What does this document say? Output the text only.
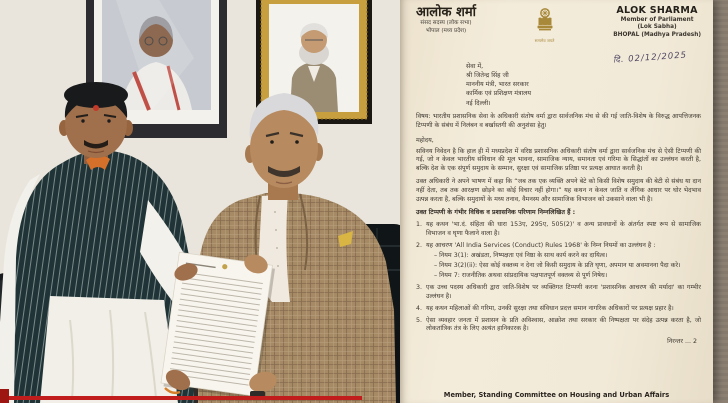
आलोक शर्मा
संसद सदस्य (लोक सभा)
भोपाल (मध्य प्रदेश)
सत्यमेव जयते
ALOK SHARMA
Member of Parliament
(Lok Sabha)
BHOPAL (Madhya Pradesh)
दि. 02/12/2025
सेवा में,
श्री जितेन्द्र सिंह जी
माननीय मंत्री, भारत सरकार
कार्मिक एवं प्रशिक्षण मंत्रालय
नई दिल्ली।
विषय: भारतीय प्रशासनिक सेवा के अधिकारी संतोष वर्मा द्वारा सार्वजनिक मंच से की गई जाति-विशेष के विरुद्ध आपत्तिजनक टिप्पणी के संबंध में निलंबन व बर्खास्तगी की अनुशंसा हेतु।
महोदय,
सविनय निवेदन है कि हाल ही में मध्यप्रदेश में वरिष्ठ प्रशासनिक अधिकारी संतोष वर्मा द्वारा सार्वजनिक मंच से ऐसी टिप्पणी की गई, जो न केवल भारतीय संविधान की मूल भावना, सामाजिक न्याय, समानता एवं गरिमा के सिद्धांतों का उल्लंघन करती है, बल्कि देश के एक संपूर्ण समुदाय के सम्मान, सुरक्षा एवं सामाजिक प्रतिष्ठा पर प्रत्यक्ष आघात करती है।
उक्त अधिकारी ने अपने भाषण में कहा कि “जब तक एक व्यक्ति अपने बेटे को किसी विशेष समुदाय की बेटी से संबंध या दान नहीं देता, तब तक आरक्षण छोड़ने का कोई विचार नहीं होगा।” यह कथन न केवल जाति व लैंगिक आधार पर घोर भेदभाव उत्पन्न करता है, बल्कि समुदायों के मध्य तनाव, वैमनस्य और सामाजिक विभाजन को उकसाने वाला भी है।
उक्त टिप्पणी के गंभीर विधिक व प्रशासनिक परिणाम निम्नलिखित हैं :
1. यह कथन 'भा.दं. संहिता की धारा 153ए, 295ए, 505(2)' व अन्य प्रावधानों के अंतर्गत स्पष्ट रूप से सामाजिक विभाजन व घृणा फैलाने वाला है।
2. यह आचरण 'All India Services (Conduct) Rules 1968' के निम्न नियमों का उल्लंघन है :
– नियम 3(1): अखंडता, निष्पक्षता एवं निष्ठा के साथ कार्य करने का दायित्व।
– नियम 3(2)(ii): ऐसा कोई वक्तव्य न देना जो किसी समुदाय के प्रति घृणा, अपमान या अवमानना पैदा करे।
– नियम 7: राजनीतिक अथवा सांप्रदायिक पक्षपातपूर्ण वक्तव्य से पूर्ण निषेध।
3. एक उच्च पदस्थ अधिकारी द्वारा जाति-विशेष पर व्यक्तिगत टिप्पणी करना 'प्रशासनिक आचरण की मर्यादा' का गम्भीर उल्लंघन है।
4. यह कथन महिलाओं की गरिमा, उनकी सुरक्षा तथा संविधान प्रदत्त समान नागरिक अधिकारों पर प्रत्यक्ष प्रहार है।
5. ऐसा व्यवहार जनता में प्रशासन के प्रति अविश्वास, आक्रोश तथा सरकार की निष्पक्षता पर संदेह उत्पन्न करता है, जो लोकतांत्रिक तंत्र के लिए अत्यंत हानिकारक है।
निरन्तर ... 2
Member, Standing Committee on Housing and Urban Affairs
